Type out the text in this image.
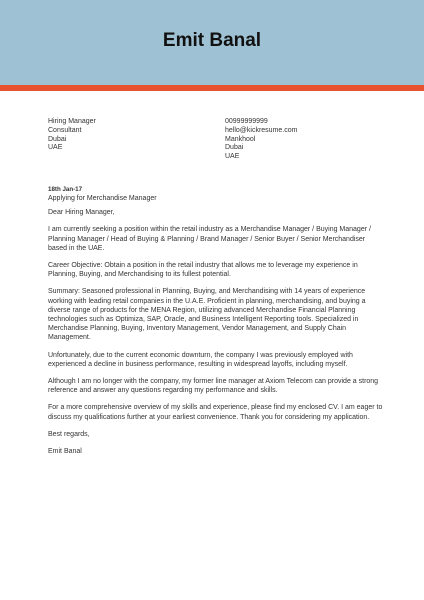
Emit Banal
Hiring Manager
Consultant
Dubai
UAE
00999999999
hello@kickresume.com
Mankhool
Dubai
UAE
18th Jan-17
Applying for Merchandise Manager
Dear Hiring Manager,
I am currently seeking a position within the retail industry as a Merchandise Manager / Buying Manager / Planning Manager / Head of Buying & Planning / Brand Manager / Senior Buyer / Senior Merchandiser based in the UAE.
Career Objective: Obtain a position in the retail industry that allows me to leverage my experience in Planning, Buying, and Merchandising to its fullest potential.
Summary: Seasoned professional in Planning, Buying, and Merchandising with 14 years of experience working with leading retail companies in the U.A.E. Proficient in planning, merchandising, and buying a diverse range of products for the MENA Region, utilizing advanced Merchandise Financial Planning technologies such as Optimiza, SAP, Oracle, and Business Intelligent Reporting tools. Specialized in Merchandise Planning, Buying, Inventory Management, Vendor Management, and Supply Chain Management.
Unfortunately, due to the current economic downturn, the company I was previously employed with experienced a decline in business performance, resulting in widespread layoffs, including myself.
Although I am no longer with the company, my former line manager at Axiom Telecom can provide a strong reference and answer any questions regarding my performance and skills.
For a more comprehensive overview of my skills and experience, please find my enclosed CV. I am eager to discuss my qualifications further at your earliest convenience. Thank you for considering my application.
Best regards,
Emit Banal
